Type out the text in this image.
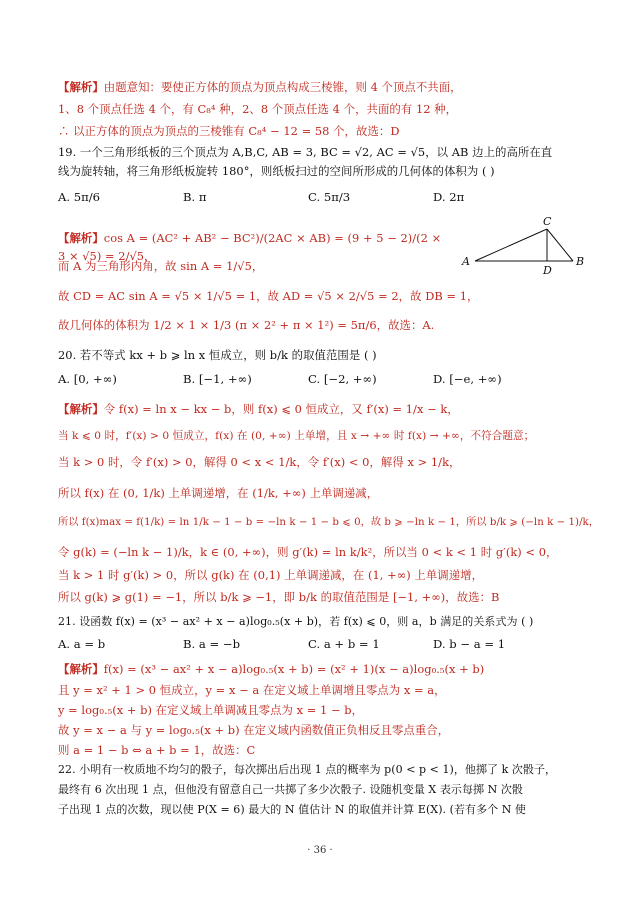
【解析】由题意知：要使正方体的顶点为顶点构成三棱锥，则 4 个顶点不共面，
1、8 个顶点任选 4 个，有 C₈⁴ 种，2、8 个顶点任选 4 个，共面的有 12 种，
∴ 以正方体的顶点为顶点的三棱锥有 C₈⁴ − 12 = 58 个，故选：D
19. 一个三角形纸板的三个顶点为 A,B,C, AB = 3, BC = √2, AC = √5，以 AB 边上的高所在直
线为旋转轴，将三角形纸板旋转 180°，则纸板扫过的空间所形成的几何体的体积为 ( )
A. 5π/6	B. π	C. 5π/3	D. 2π
【解析】cos A = (AC² + AB² − BC²)/(2AC × AB) = (9 + 5 − 2)/(2 × 3 × √5) = 2/√5，
而 A 为三角形内角，故 sin A = 1/√5，
故 CD = AC sin A = √5 × 1/√5 = 1，故 AD = √5 × 2/√5 = 2，故 DB = 1，
故几何体的体积为 1/2 × 1 × 1/3 (π × 2² + π × 1²) = 5π/6，故选：A.
A	B
C
D
20. 若不等式 kx + b ⩾ ln x 恒成立，则 b/k 的取值范围是 ( )
A. [0, +∞)	B. [−1, +∞)	C. [−2, +∞)	D. [−e, +∞)
【解析】令 f(x) = ln x − kx − b，则 f(x) ⩽ 0 恒成立，又 f′(x) = 1/x − k，
当 k ⩽ 0 时，f′(x) > 0 恒成立，f(x) 在 (0, +∞) 上单增，且 x → +∞ 时 f(x) → +∞，不符合题意；
当 k > 0 时，令 f′(x) > 0，解得 0 < x < 1/k，令 f′(x) < 0，解得 x > 1/k，
所以 f(x) 在 (0, 1/k) 上单调递增，在 (1/k, +∞) 上单调递减，
所以 f(x)max = f(1/k) = ln 1/k − 1 − b = −ln k − 1 − b ⩽ 0，故 b ⩾ −ln k − 1，所以 b/k ⩾ (−ln k − 1)/k，
令 g(k) = (−ln k − 1)/k，k ∈ (0, +∞)，则 g′(k) = ln k/k²，所以当 0 < k < 1 时 g′(k) < 0，
当 k > 1 时 g′(k) > 0，所以 g(k) 在 (0,1) 上单调递减，在 (1, +∞) 上单调递增，
所以 g(k) ⩾ g(1) = −1，所以 b/k ⩾ −1，即 b/k 的取值范围是 [−1, +∞)，故选：B
21. 设函数 f(x) = (x³ − ax² + x − a)log₀.₅(x + b)，若 f(x) ⩽ 0，则 a，b 满足的关系式为 ( )
A. a = b	B. a = −b	C. a + b = 1	D. b − a = 1
【解析】f(x) = (x³ − ax² + x − a)log₀.₅(x + b) = (x² + 1)(x − a)log₀.₅(x + b)
且 y = x² + 1 > 0 恒成立，y = x − a 在定义域上单调增且零点为 x = a，
y = log₀.₅(x + b) 在定义域上单调减且零点为 x = 1 − b，
故 y = x − a 与 y = log₀.₅(x + b) 在定义域内函数值正负相反且零点重合，
则 a = 1 − b ⇔ a + b = 1，故选：C
22. 小明有一枚质地不均匀的骰子，每次掷出后出现 1 点的概率为 p(0 < p < 1)，他掷了 k 次骰子，
最终有 6 次出现 1 点，但他没有留意自己一共掷了多少次骰子. 设随机变量 X 表示每掷 N 次骰
子出现 1 点的次数，现以使 P(X = 6) 最大的 N 值估计 N 的取值并计算 E(X). (若有多个 N 使
· 36 ·
